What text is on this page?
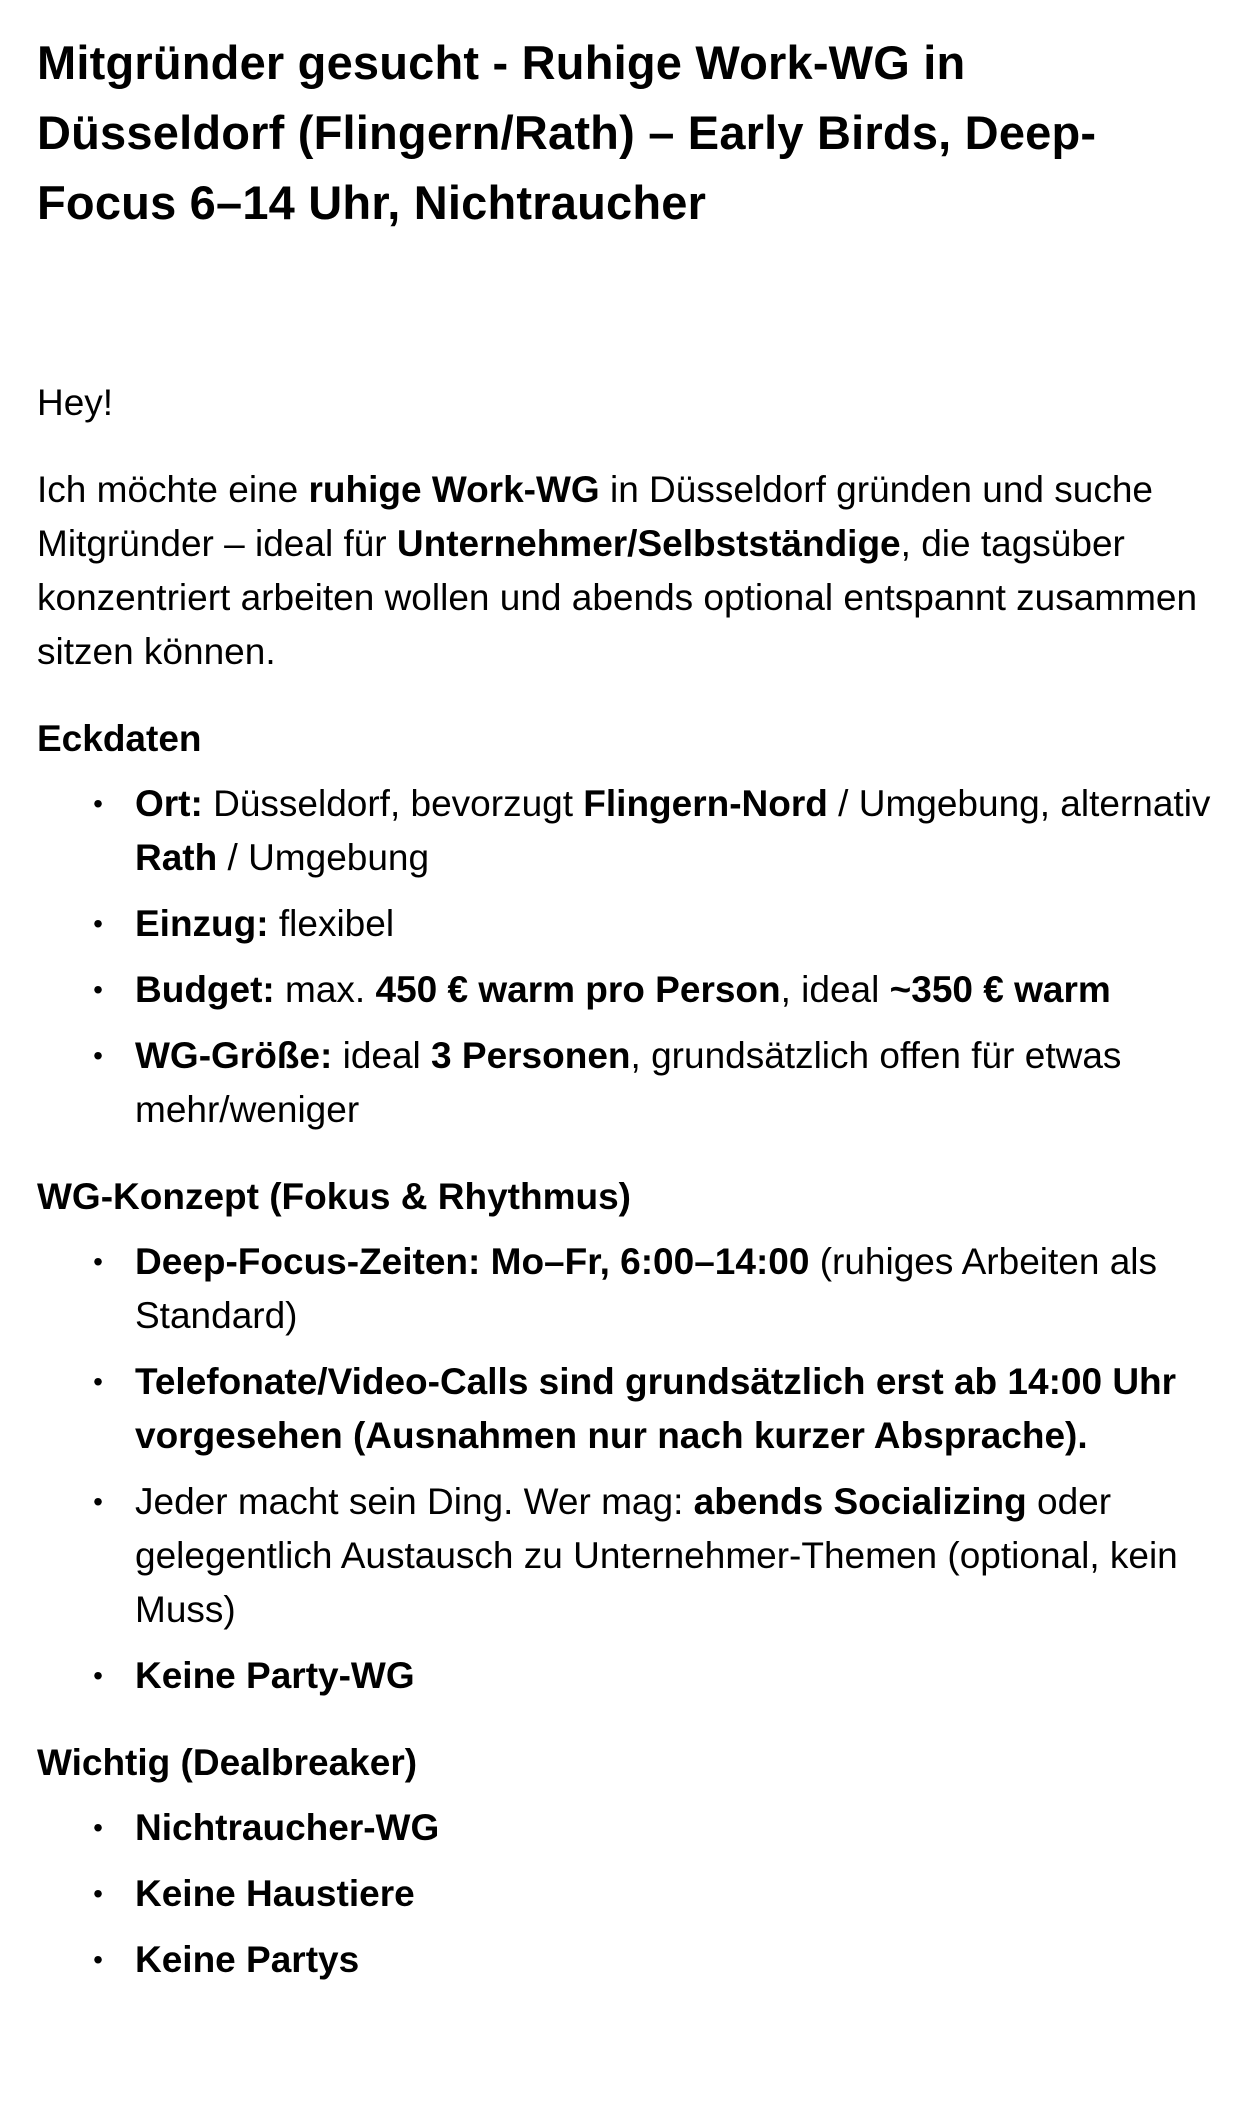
Mitgründer gesucht - Ruhige Work-WG in Düsseldorf (Flingern/Rath) – Early Birds, Deep-Focus 6–14 Uhr, Nichtraucher

Hey!

Ich möchte eine ruhige Work-WG in Düsseldorf gründen und suche Mitgründer – ideal für Unternehmer/Selbstständige, die tagsüber konzentriert arbeiten wollen und abends optional entspannt zusammen sitzen können.

Eckdaten
• Ort: Düsseldorf, bevorzugt Flingern-Nord / Umgebung, alternativ Rath / Umgebung
• Einzug: flexibel
• Budget: max. 450 € warm pro Person, ideal ~350 € warm
• WG-Größe: ideal 3 Personen, grundsätzlich offen für etwas mehr/weniger
WG-Konzept (Fokus & Rhythmus)
• Deep-Focus-Zeiten: Mo–Fr, 6:00–14:00 (ruhiges Arbeiten als Standard)
• Telefonate/Video-Calls sind grundsätzlich erst ab 14:00 Uhr vorgesehen (Ausnahmen nur nach kurzer Absprache).
• Jeder macht sein Ding. Wer mag: abends Socializing oder gelegentlich Austausch zu Unternehmer-Themen (optional, kein Muss)
• Keine Party-WG
Wichtig (Dealbreaker)
• Nichtraucher-WG
• Keine Haustiere
• Keine Partys
